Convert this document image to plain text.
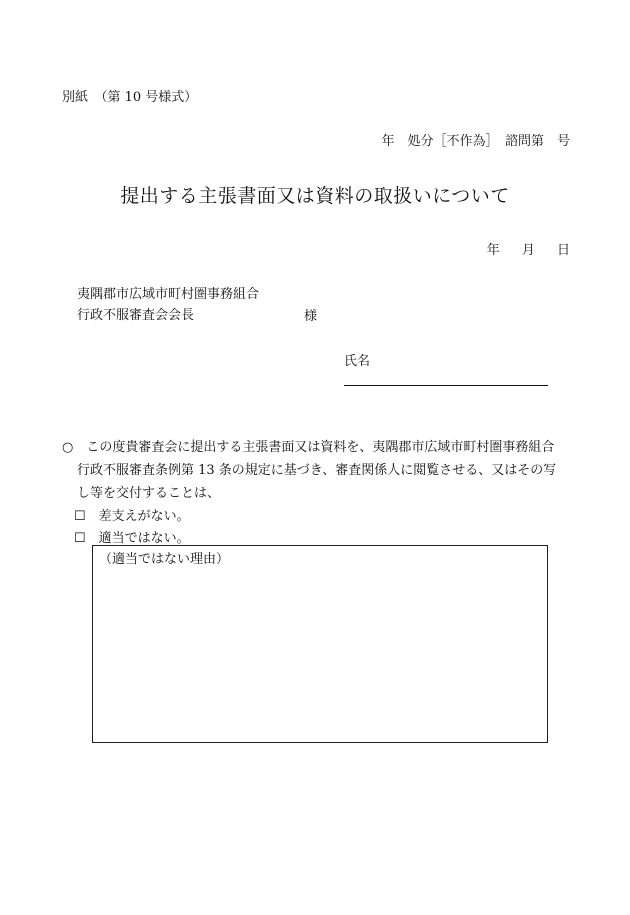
別紙　（第 10 号様式）
年　処分［不作為］　諮問第　号
提出する主張書面又は資料の取扱いについて
年 月 日
夷隅郡市広域市町村圏事務組合
行政不服審査会会長	様
氏名
○　この度貴審査会に提出する主張書面又は資料を、夷隅郡市広域市町村圏事務組合
行政不服審査条例第 13 条の規定に基づき、審査関係人に閲覧させる、又はその写
し等を交付することは、
☐　差支えがない。
☐　適当ではない。
（適当ではない理由）
